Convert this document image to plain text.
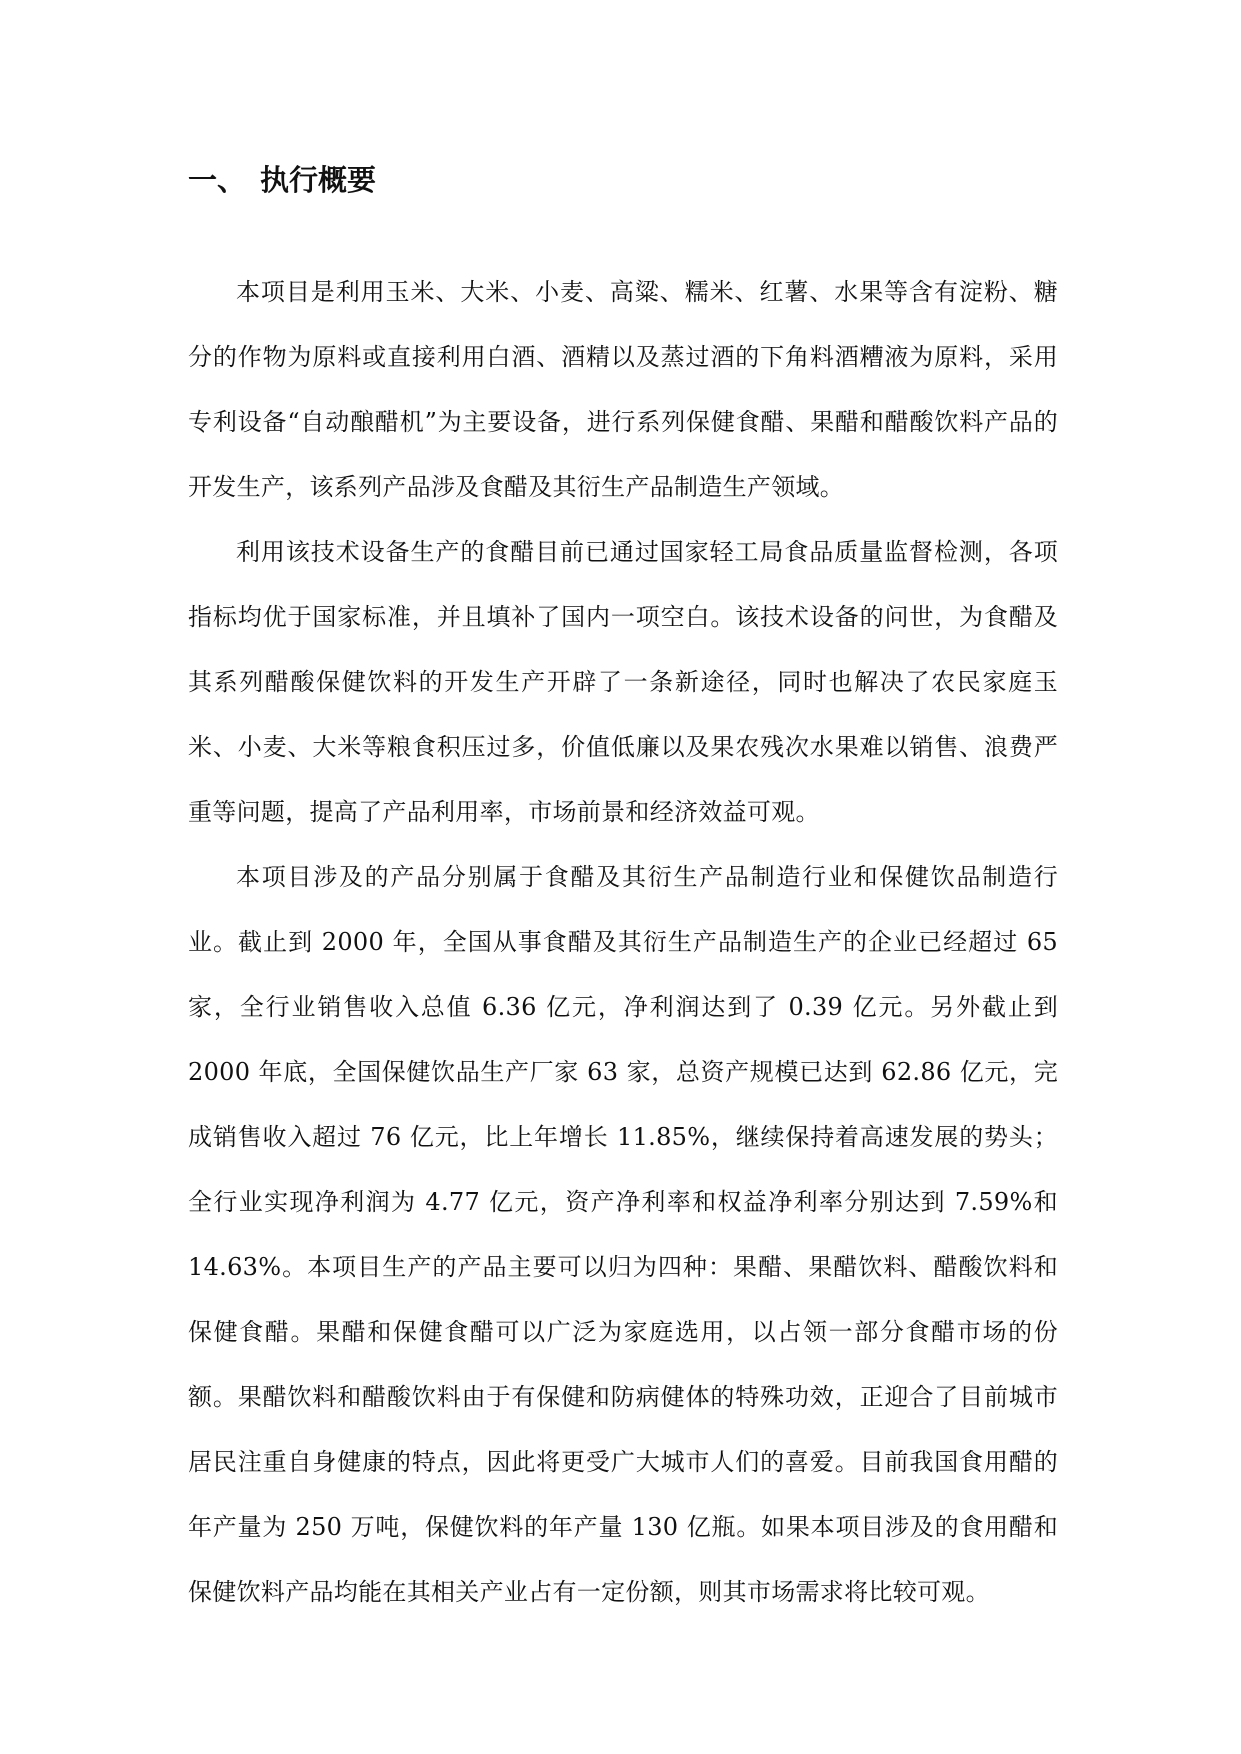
一、 执行概要

本项目是利用玉米、大米、小麦、高粱、糯米、红薯、水果等含有淀粉、糖分的作物为原料或直接利用白酒、酒精以及蒸过酒的下角料酒糟液为原料，采用专利设备“自动酿醋机”为主要设备，进行系列保健食醋、果醋和醋酸饮料产品的开发生产，该系列产品涉及食醋及其衍生产品制造生产领域。

利用该技术设备生产的食醋目前已通过国家轻工局食品质量监督检测，各项指标均优于国家标准，并且填补了国内一项空白。该技术设备的问世，为食醋及其系列醋酸保健饮料的开发生产开辟了一条新途径，同时也解决了农民家庭玉米、小麦、大米等粮食积压过多，价值低廉以及果农残次水果难以销售、浪费严重等问题，提高了产品利用率，市场前景和经济效益可观。

本项目涉及的产品分别属于食醋及其衍生产品制造行业和保健饮品制造行业。截止到 2000 年，全国从事食醋及其衍生产品制造生产的企业已经超过 65 家，全行业销售收入总值 6.36 亿元，净利润达到了 0.39 亿元。另外截止到 2000 年底，全国保健饮品生产厂家 63 家，总资产规模已达到 62.86 亿元，完成销售收入超过 76 亿元，比上年增长 11.85%，继续保持着高速发展的势头；全行业实现净利润为 4.77 亿元，资产净利率和权益净利率分别达到 7.59%和 14.63%。本项目生产的产品主要可以归为四种：果醋、果醋饮料、醋酸饮料和保健食醋。果醋和保健食醋可以广泛为家庭选用，以占领一部分食醋市场的份额。果醋饮料和醋酸饮料由于有保健和防病健体的特殊功效，正迎合了目前城市居民注重自身健康的特点，因此将更受广大城市人们的喜爱。目前我国食用醋的年产量为 250 万吨，保健饮料的年产量 130 亿瓶。如果本项目涉及的食用醋和保健饮料产品均能在其相关产业占有一定份额，则其市场需求将比较可观。
